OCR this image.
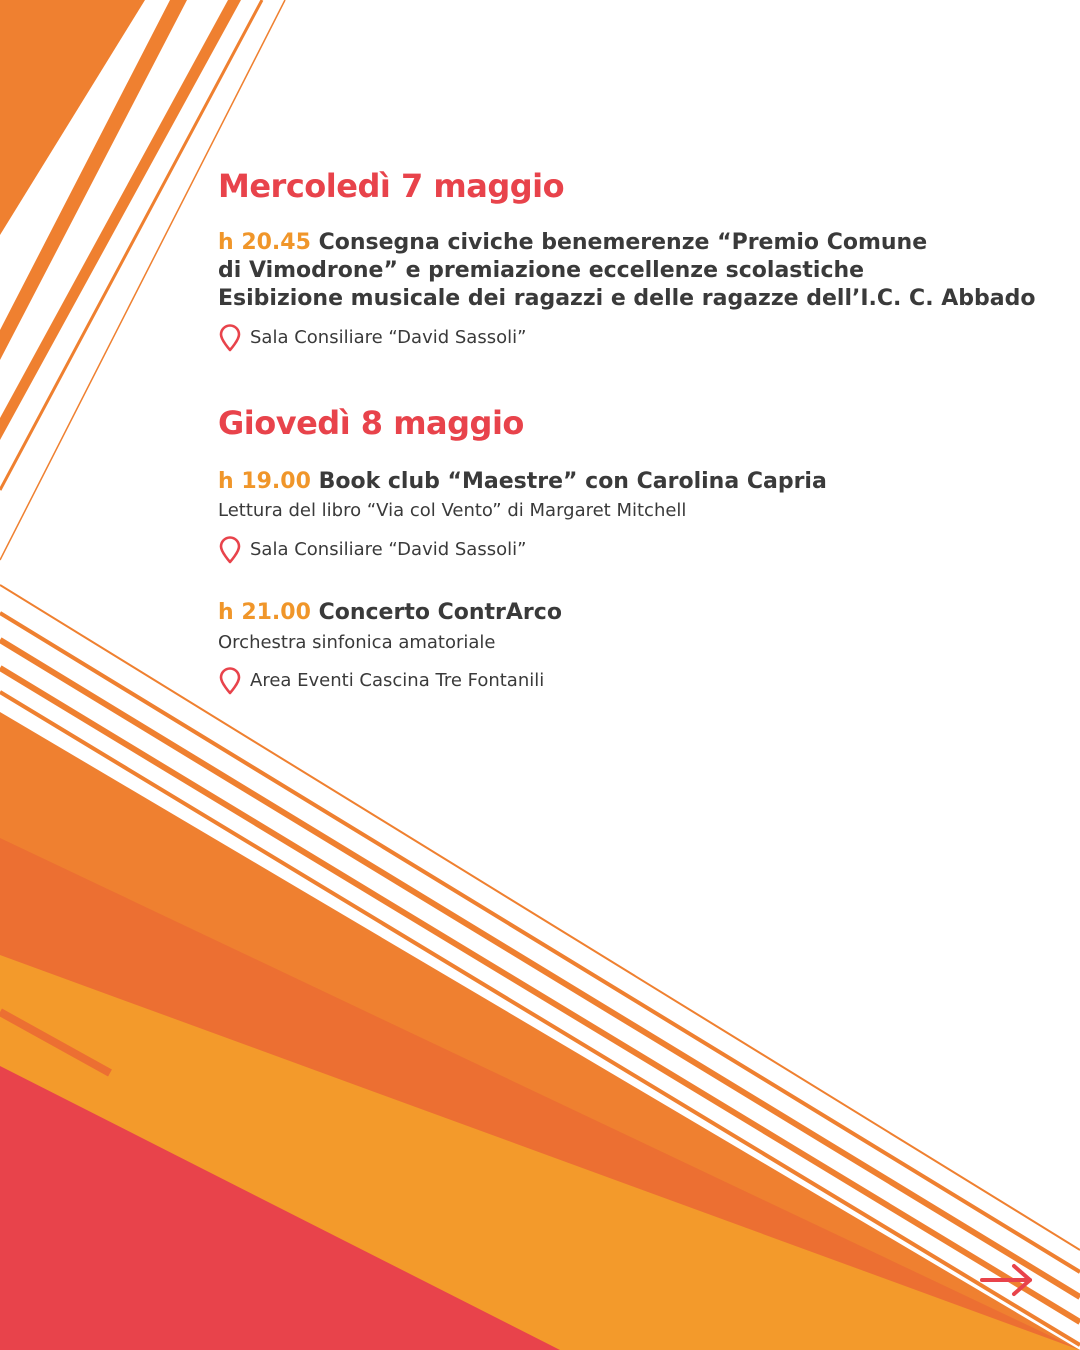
Mercoledì 7 maggio

h 20.45 Consegna civiche benemerenze “Premio Comune

di Vimodrone” e premiazione eccellenze scolastiche

Esibizione musicale dei ragazzi e delle ragazze dell’I.C. C. Abbado

Sala Consiliare “David Sassoli”
Giovedì 8 maggio

h 19.00 Book club “Maestre” con Carolina Capria

Lettura del libro “Via col Vento” di Margaret Mitchell

Sala Consiliare “David Sassoli”

h 21.00 Concerto ContrArco

Orchestra sinfonica amatoriale

Area Eventi Cascina Tre Fontanili
